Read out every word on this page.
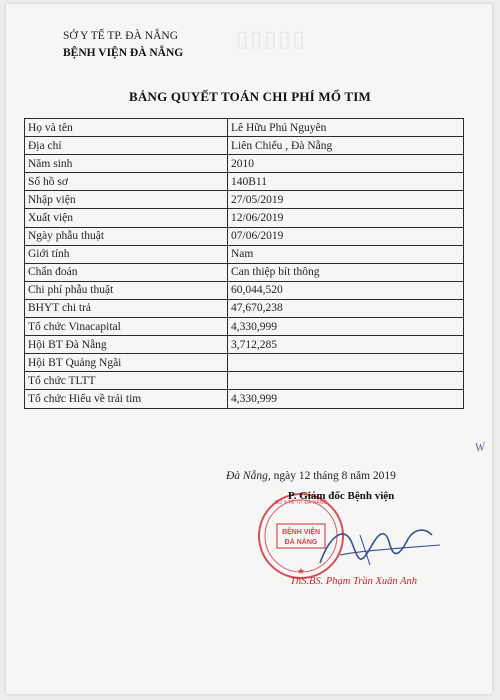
▯▯▯▯▯
SỞ Y TẾ TP. ĐÀ NẴNG
BỆNH VIỆN ĐÀ NẴNG
BẢNG QUYẾT TOÁN CHI PHÍ MỔ TIM
Họ và tên	Lê Hữu Phú Nguyên
Địa chỉ	Liên Chiểu , Đà Nẵng
Năm sinh	2010
Số hồ sơ	140B11
Nhập viện	27/05/2019
Xuất viện	12/06/2019
Ngày phẫu thuật	07/06/2019
Giới tính	Nam
Chẩn đoán	Can thiệp bít thông
Chi phí phẫu thuật	60,044,520
BHYT chi trả	47,670,238
Tổ chức Vinacapital	4,330,999
Hội BT Đà Nẵng	3,712,285
Hội BT Quảng Ngãi	
Tổ chức TLTT	
Tổ chức Hiểu về trái tim	4,330,999
W
Đà Nẵng, ngày 12 tháng 8 năm 2019
BỆNH VIỆN
ĐÀ NẴNG
SỞ Y TẾ TP. ĐÀ NẴNG
★
P. Giám đốc Bệnh viện
ThS.BS. Phạm Trần Xuân Anh
